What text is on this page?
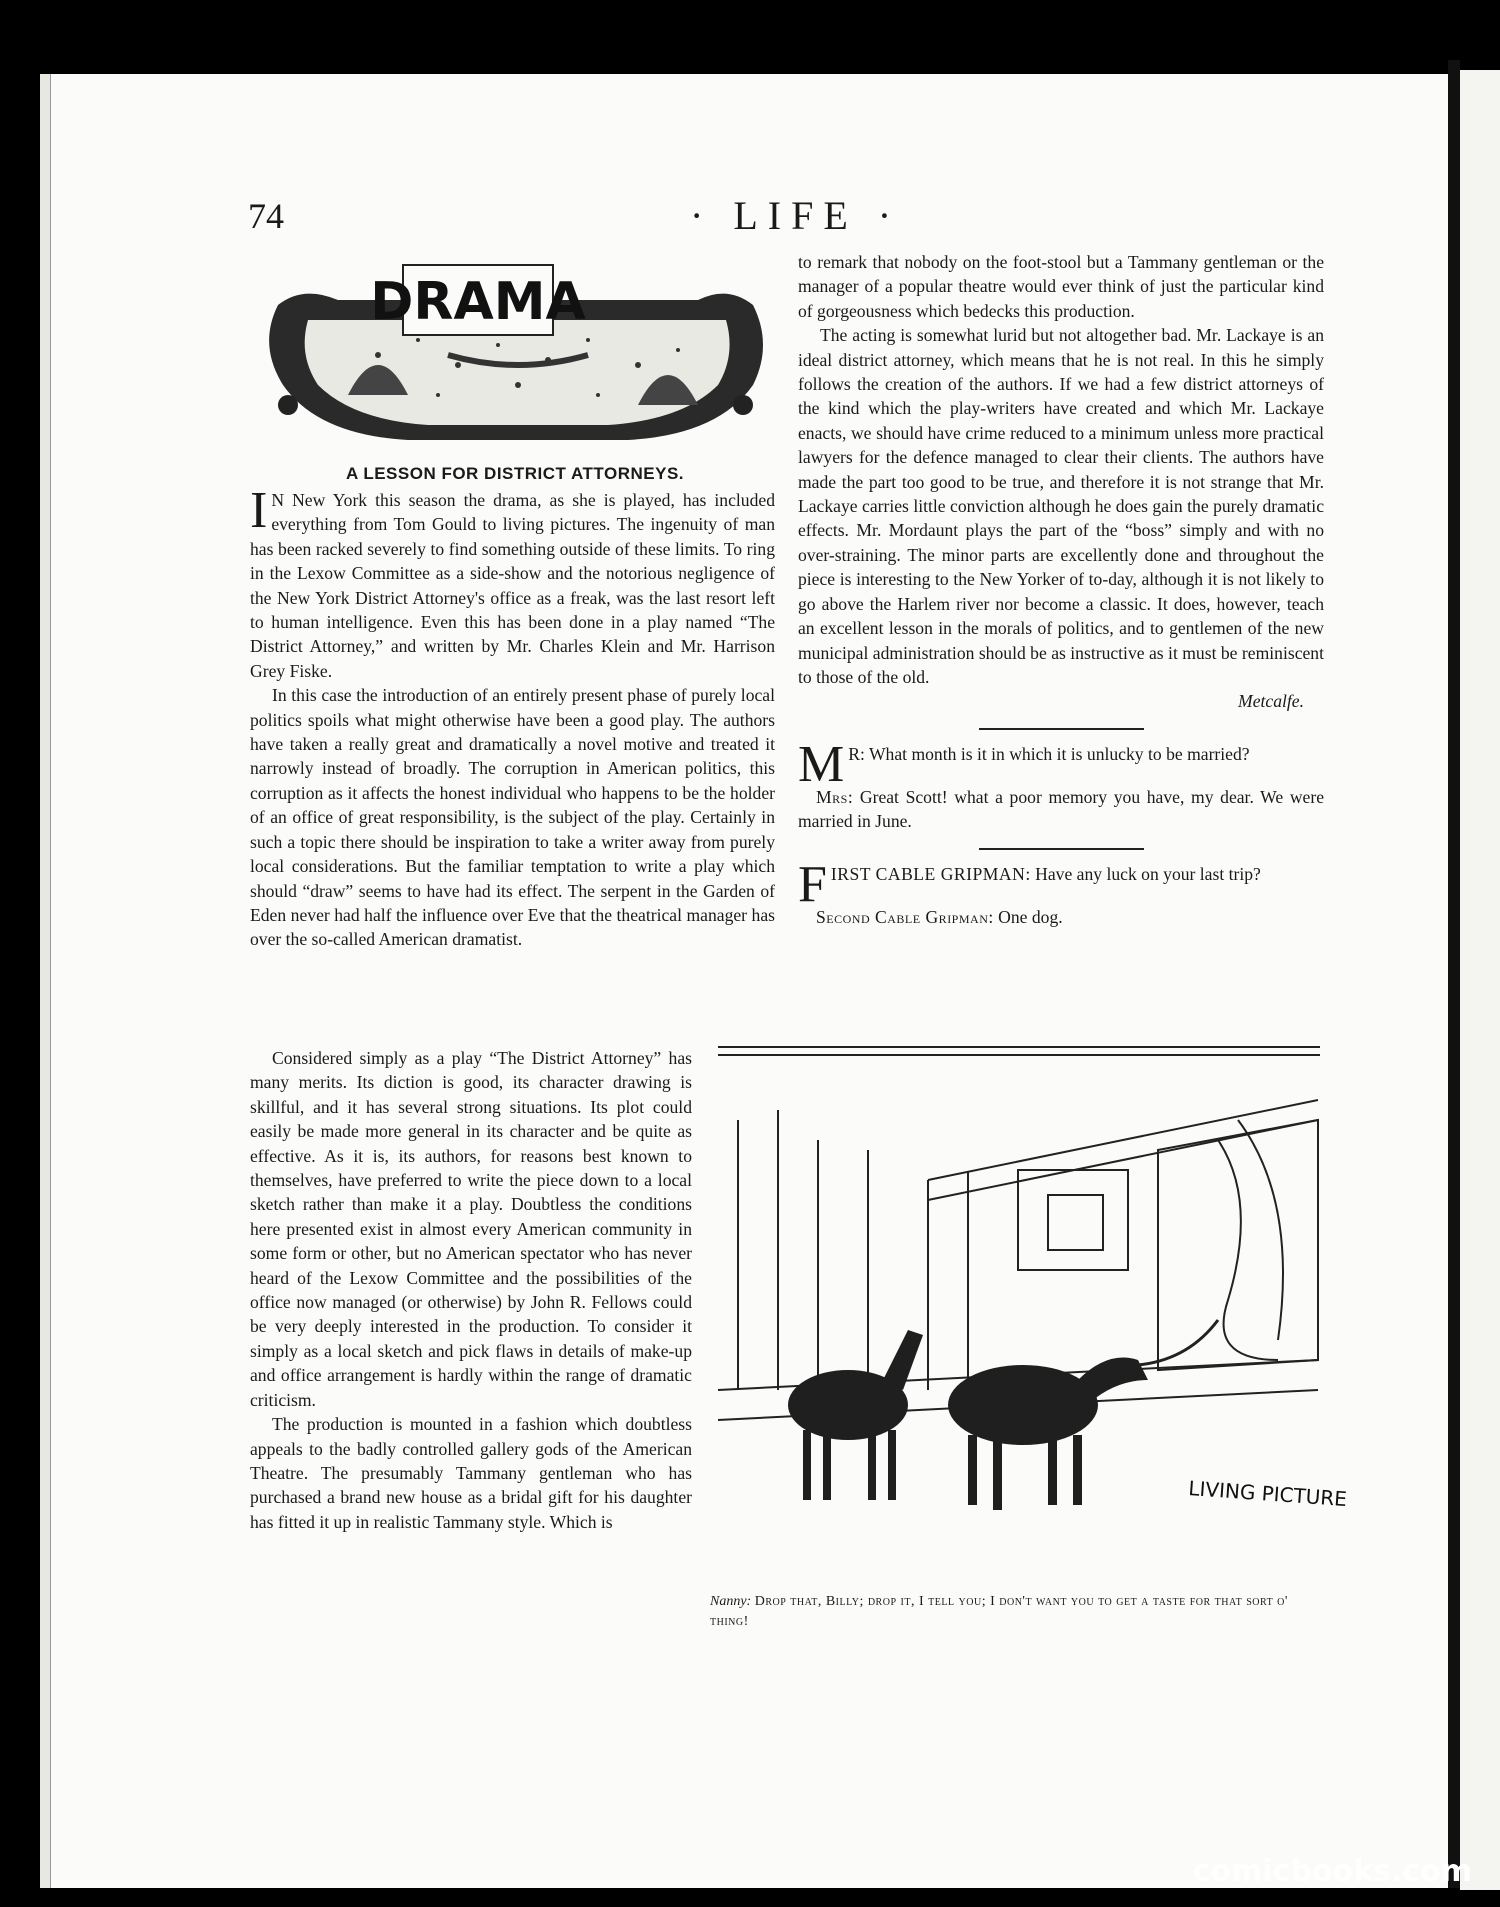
74	· LIFE ·
DRAMA
A LESSON FOR DISTRICT ATTORNEYS.

I N New York this season the drama, as she is played, has included everything from Tom Gould to living pictures. The ingenuity of man has been racked severely to find something outside of these limits. To ring in the Lexow Committee as a side-show and the notorious negligence of the New York District Attorney's office as a freak, was the last resort left to human intelligence. Even this has been done in a play named “The District Attorney,” and written by Mr. Charles Klein and Mr. Harrison Grey Fiske.

In this case the introduction of an entirely present phase of purely local politics spoils what might otherwise have been a good play. The authors have taken a really great and dramatically a novel motive and treated it narrowly instead of broadly. The corruption in American politics, this corruption as it affects the honest individual who happens to be the holder of an office of great responsibility, is the subject of the play. Certainly in such a topic there should be inspiration to take a writer away from purely local considerations. But the familiar temptation to write a play which should “draw” seems to have had its effect. The serpent in the Garden of Eden never had half the influence over Eve that the theatrical manager has over the so-called American dramatist.

Considered simply as a play “The District Attorney” has many merits. Its diction is good, its character drawing is skillful, and it has several strong situations. Its plot could easily be made more general in its character and be quite as effective. As it is, its authors, for reasons best known to themselves, have preferred to write the piece down to a local sketch rather than make it a play. Doubtless the conditions here presented exist in almost every American community in some form or other, but no American spectator who has never heard of the Lexow Committee and the possibilities of the office now managed (or otherwise) by John R. Fellows could be very deeply interested in the production. To consider it simply as a local sketch and pick flaws in details of make-up and office arrangement is hardly within the range of dramatic criticism.

The production is mounted in a fashion which doubtless appeals to the badly controlled gallery gods of the American Theatre. The presumably Tammany gentleman who has purchased a brand new house as a bridal gift for his daughter has fitted it up in realistic Tammany style. Which is

to remark that nobody on the foot-stool but a Tammany gentleman or the manager of a popular theatre would ever think of just the particular kind of gorgeousness which bedecks this production.

The acting is somewhat lurid but not altogether bad. Mr. Lackaye is an ideal district attorney, which means that he is not real. In this he simply follows the creation of the authors. If we had a few district attorneys of the kind which the play-writers have created and which Mr. Lackaye enacts, we should have crime reduced to a minimum unless more practical lawyers for the defence managed to clear their clients. The authors have made the part too good to be true, and therefore it is not strange that Mr. Lackaye carries little conviction although he does gain the purely dramatic effects. Mr. Mordaunt plays the part of the “boss” simply and with no over-straining. The minor parts are excellently done and throughout the piece is interesting to the New Yorker of to-day, although it is not likely to go above the Harlem river nor become a classic. It does, however, teach an excellent lesson in the morals of politics, and to gentlemen of the new municipal administration should be as instructive as it must be reminiscent to those of the old.

Metcalfe.

M R: What month is it in which it is unlucky to be married?

Mrs: Great Scott! what a poor memory you have, my dear. We were married in June.

FIRST CABLE GRIPMAN: Have any luck on your last trip?

Second Cable Gripman: One dog.

LIVING PICTURE
Nanny: Drop that, Billy; drop it, I tell you; I don't want you to get a taste for that sort o' thing!
comicbooks.com
